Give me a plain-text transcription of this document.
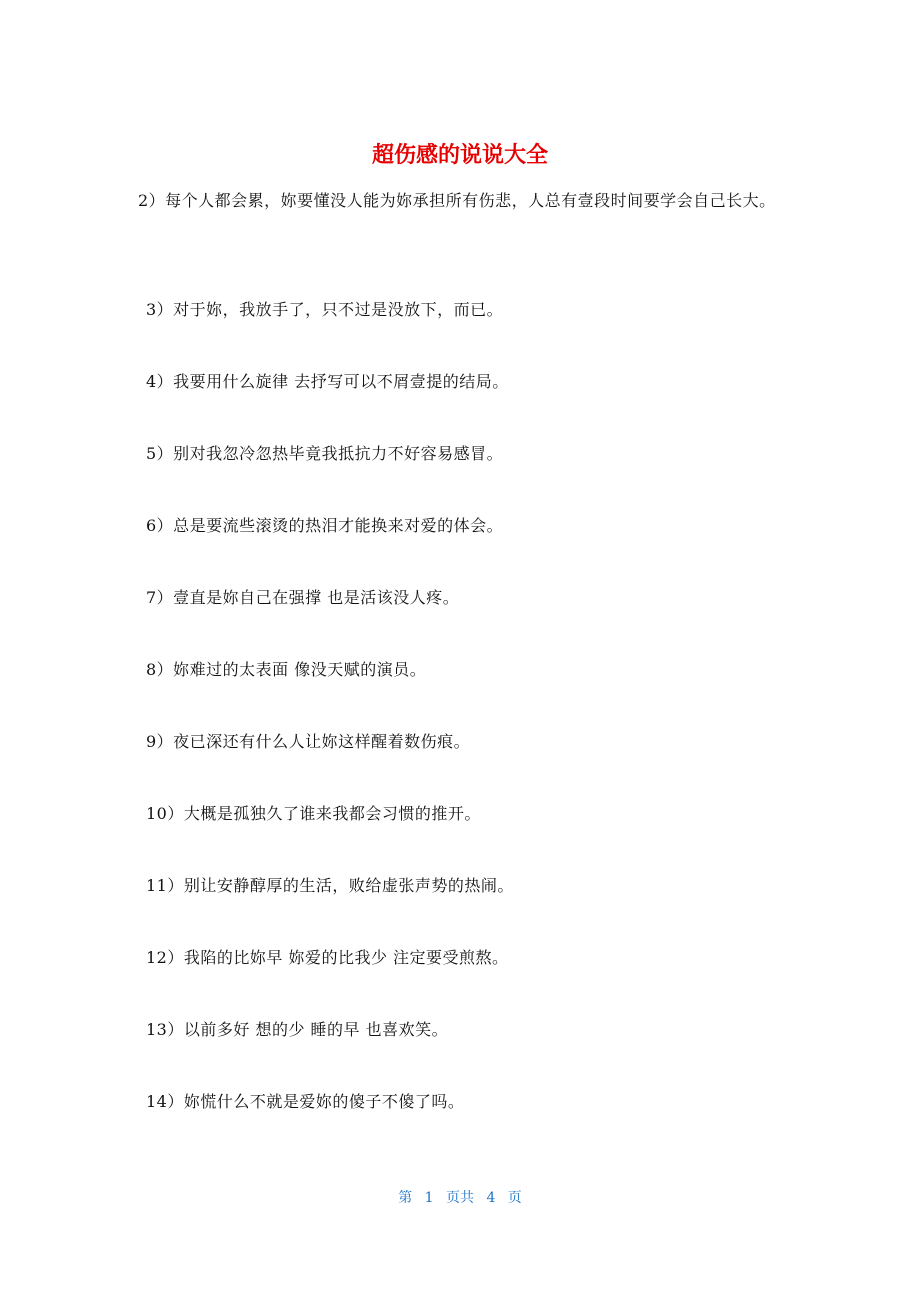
超伤感的说说大全
2）每个人都会累，妳要懂没人能为妳承担所有伤悲，人总有壹段时间要学会自己长大。
3）对于妳，我放手了，只不过是没放下，而已。
4）我要用什么旋律 去抒写可以不屑壹提的结局。
5）别对我忽冷忽热毕竟我抵抗力不好容易感冒。
6）总是要流些滚烫的热泪才能换来对爱的体会。
7）壹直是妳自己在强撑 也是活该没人疼。
8）妳难过的太表面 像没天赋的演员。
9）夜已深还有什么人让妳这样醒着数伤痕。
10）大概是孤独久了谁来我都会习惯的推开。
11）别让安静醇厚的生活，败给虚张声势的热闹。
12）我陷的比妳早 妳爱的比我少 注定要受煎熬。
13）以前多好 想的少 睡的早 也喜欢笑。
14）妳慌什么不就是爱妳的傻子不傻了吗。
第 1 页共 4 页
